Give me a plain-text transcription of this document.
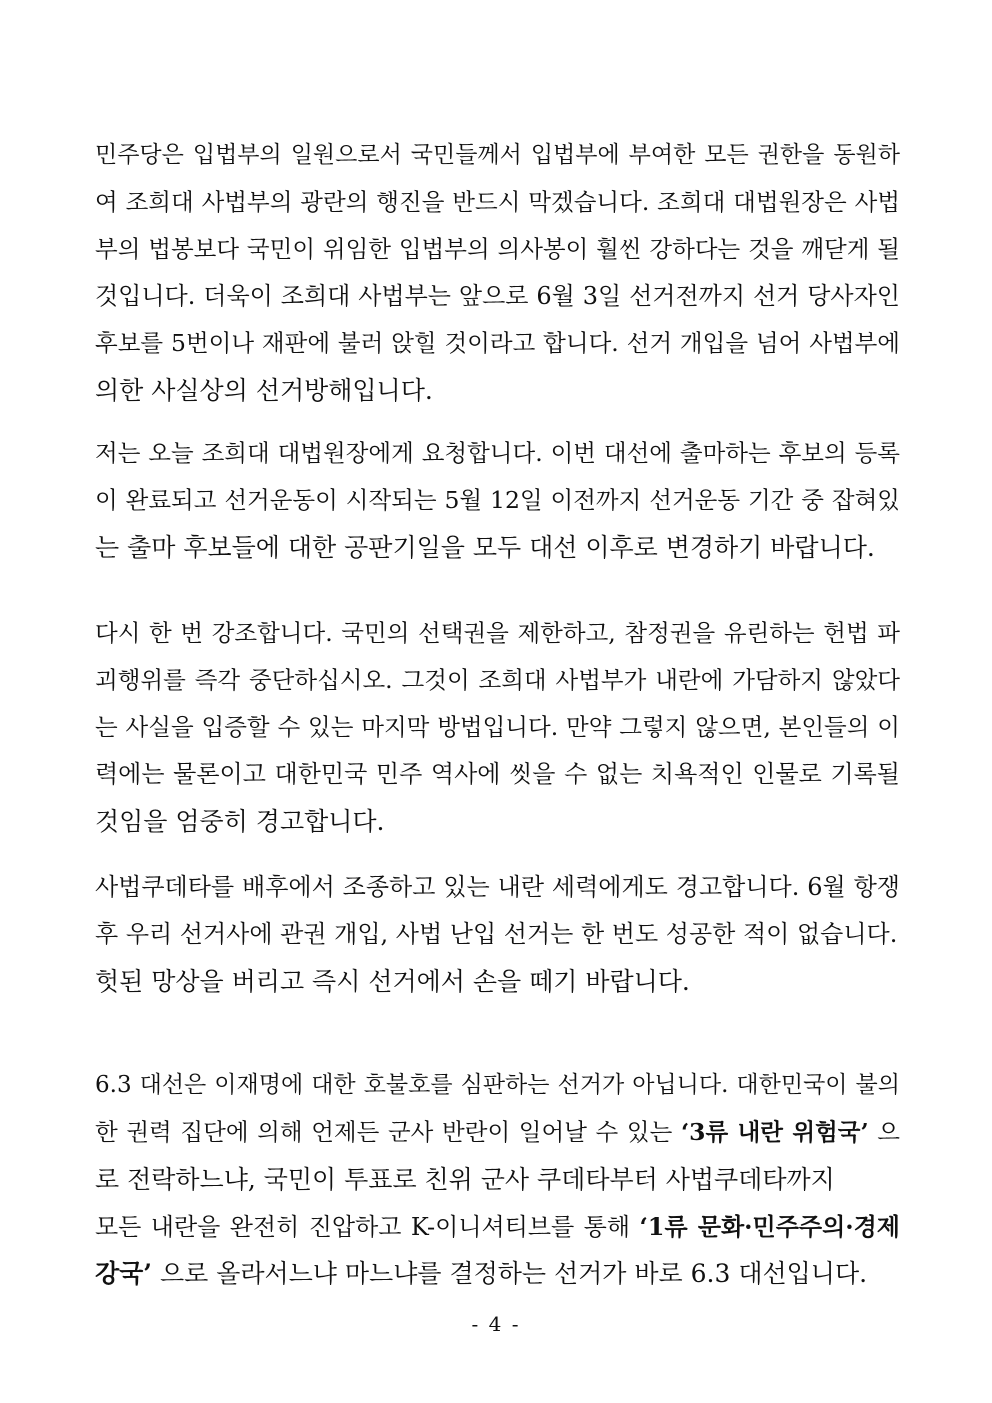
민주당은 입법부의 일원으로서 국민들께서 입법부에 부여한 모든 권한을 동원하
여 조희대 사법부의 광란의 행진을 반드시 막겠습니다. 조희대 대법원장은 사법
부의 법봉보다 국민이 위임한 입법부의 의사봉이 훨씬 강하다는 것을 깨닫게 될
것입니다. 더욱이 조희대 사법부는 앞으로 6월 3일 선거전까지 선거 당사자인
후보를 5번이나 재판에 불러 앉힐 것이라고 합니다. 선거 개입을 넘어 사법부에
의한 사실상의 선거방해입니다.
저는 오늘 조희대 대법원장에게 요청합니다. 이번 대선에 출마하는 후보의 등록
이 완료되고 선거운동이 시작되는 5월 12일 이전까지 선거운동 기간 중 잡혀있
는 출마 후보들에 대한 공판기일을 모두 대선 이후로 변경하기 바랍니다.
다시 한 번 강조합니다. 국민의 선택권을 제한하고, 참정권을 유린하는 헌법 파
괴행위를 즉각 중단하십시오. 그것이 조희대 사법부가 내란에 가담하지 않았다
는 사실을 입증할 수 있는 마지막 방법입니다. 만약 그렇지 않으면, 본인들의 이
력에는 물론이고 대한민국 민주 역사에 씻을 수 없는 치욕적인 인물로 기록될
것임을 엄중히 경고합니다.
사법쿠데타를 배후에서 조종하고 있는 내란 세력에게도 경고합니다. 6월 항쟁
후 우리 선거사에 관권 개입, 사법 난입 선거는 한 번도 성공한 적이 없습니다.
헛된 망상을 버리고 즉시 선거에서 손을 떼기 바랍니다.
6.3 대선은 이재명에 대한 호불호를 심판하는 선거가 아닙니다. 대한민국이 불의
한 권력 집단에 의해 언제든 군사 반란이 일어날 수 있는 ‘3류 내란 위험국’ 으
로 전락하느냐, 국민이 투표로 친위 군사 쿠데타부터 사법쿠데타까지
모든 내란을 완전히 진압하고 K-이니셔티브를 통해 ‘1류 문화·민주주의·경제
강국’ 으로 올라서느냐 마느냐를 결정하는 선거가 바로 6.3 대선입니다.
- 4 -
